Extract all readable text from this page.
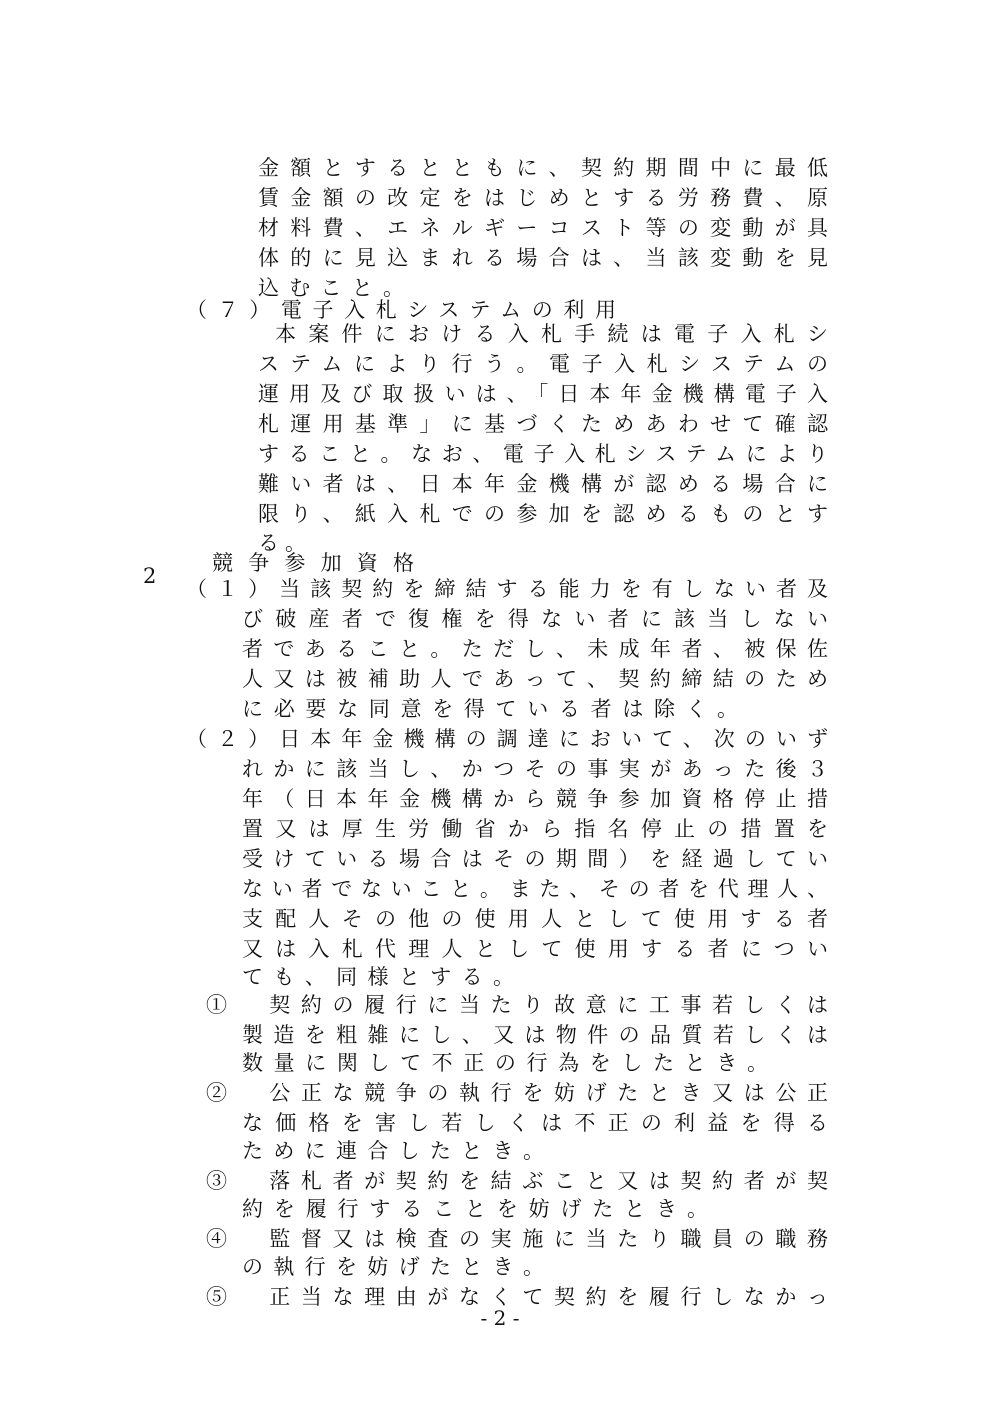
2
金額とするとともに、契約期間中に最低
賃金額の改定をはじめとする労務費、原
材料費、エネルギーコスト等の変動が具
体的に見込まれる場合は、当該変動を見
込むこと。
（７）電子入札システムの利用
本案件における入札手続は電子入札シ
ステムにより行う。電子入札システムの
運用及び取扱いは、「日本年金機構電子入
札運用基準」に基づくためあわせて確認
すること。なお、電子入札システムにより
難い者は、日本年金機構が認める場合に
限り、紙入札での参加を認めるものとす
る。
競争参加資格
（１）当該契約を締結する能力を有しない者及
び破産者で復権を得ない者に該当しない
者であること。ただし、未成年者、被保佐
人又は被補助人であって、契約締結のため
に必要な同意を得ている者は除く。
（２）日本年金機構の調達において、次のいず
れかに該当し、かつその事実があった後３
年（日本年金機構から競争参加資格停止措
置又は厚生労働省から指名停止の措置を
受けている場合はその期間）を経過してい
ない者でないこと。また、その者を代理人、
支配人その他の使用人として使用する者
又は入札代理人として使用する者につい
ても、同様とする。
①　契約の履行に当たり故意に工事若しくは
製造を粗雑にし、又は物件の品質若しくは
数量に関して不正の行為をしたとき。
②　公正な競争の執行を妨げたとき又は公正
な価格を害し若しくは不正の利益を得る
ために連合したとき。
③　落札者が契約を結ぶこと又は契約者が契
約を履行することを妨げたとき。
④　監督又は検査の実施に当たり職員の職務
の執行を妨げたとき。
⑤　正当な理由がなくて契約を履行しなかっ
- 2 -
